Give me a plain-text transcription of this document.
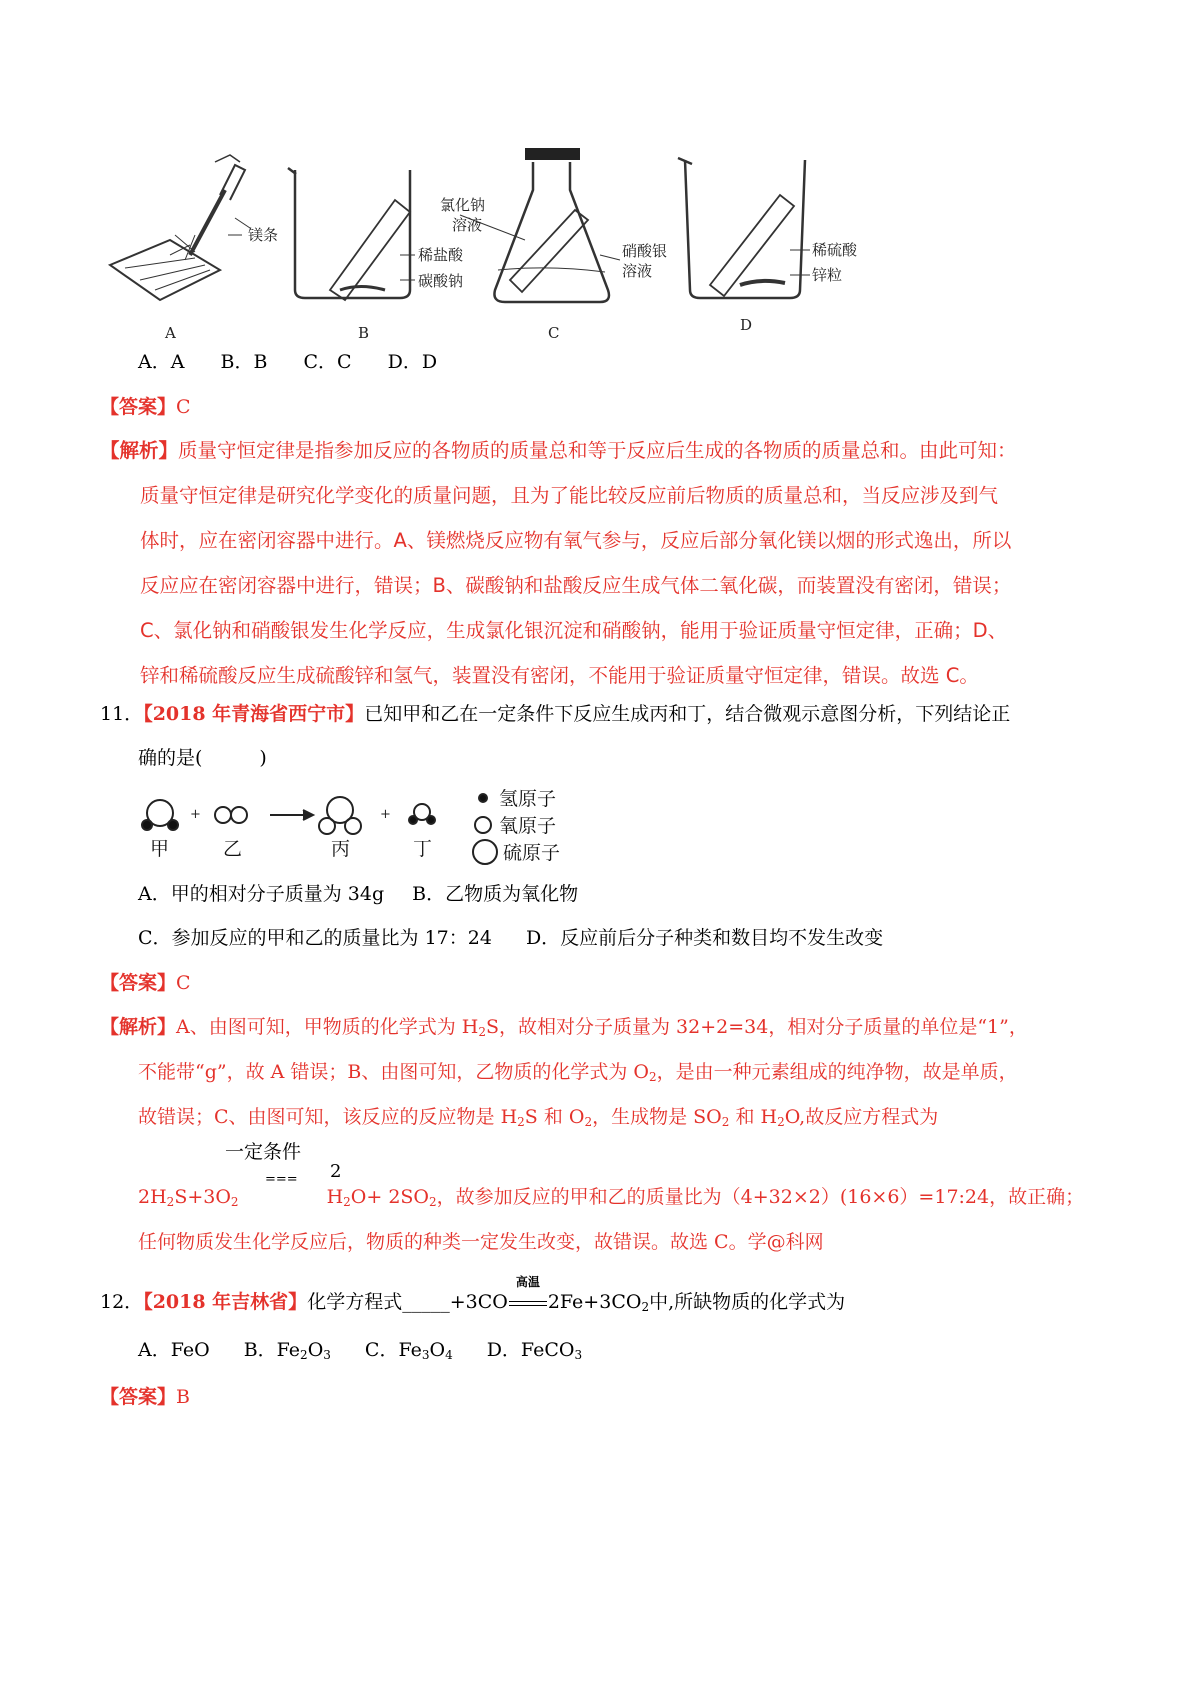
镁条
稀盐酸
碳酸钠
氯化钠
溶液
硝酸银
溶液
稀硫酸
锌粒
A	B	C	D
A．A B．B C．C D．D
【答案】C
【解析】质量守恒定律是指参加反应的各物质的质量总和等于反应后生成的各物质的质量总和。由此可知：
质量守恒定律是研究化学变化的质量问题，且为了能比较反应前后物质的质量总和，当反应涉及到气
体时，应在密闭容器中进行。A、镁燃烧反应物有氧气参与，反应后部分氧化镁以烟的形式逸出，所以
反应应在密闭容器中进行，错误；B、碳酸钠和盐酸反应生成气体二氧化碳，而装置没有密闭，错误；
C、氯化钠和硝酸银发生化学反应，生成氯化银沉淀和硝酸钠，能用于验证质量守恒定律，正确；D、
锌和稀硫酸反应生成硫酸锌和氢气，装置没有密闭，不能用于验证质量守恒定律，错误。故选 C。
11．【2018 年青海省西宁市】已知甲和乙在一定条件下反应生成丙和丁，结合微观示意图分析，下列结论正
确的是(　　　)
+	+
甲	乙	丙	丁
氢原子
氧原子
硫原子
A．甲的相对分子质量为 34g B．乙物质为氧化物
C．参加反应的甲和乙的质量比为 17：24 D．反应前后分子种类和数目均不发生改变
【答案】C
【解析】A、由图可知，甲物质的化学式为 $H_2S$，故相对分子质量为 32+2=34，相对分子质量的单位是“1”，
不能带“g”，故 A 错误；B、由图可知，乙物质的化学式为 $O_2$，是由一种元素组成的纯净物，故是单质，
故错误；C、由图可知，该反应的反应物是 $H_2S$ 和 $O_2$，生成物是 $SO_2$ 和 $H_2O$,故反应方程式为
一定条件
=== 2
$2H_2S+3O_2$	$H_2O+ 2SO_2$，故参加反应的甲和乙的质量比为（4+32×2）(16×6）=17:24，故正确；
任何物质发生化学反应后，物质的种类一定发生改变，故错误。故选 C。学@科网
12．【2018 年吉林省】化学方程式_____+3CO
高温
$2Fe+3CO_2$中,所缺物质的化学式为
A．FeO B．$Fe_2O_3$ C．$Fe_3O_4$ D．FeCO$_3$
【答案】B
